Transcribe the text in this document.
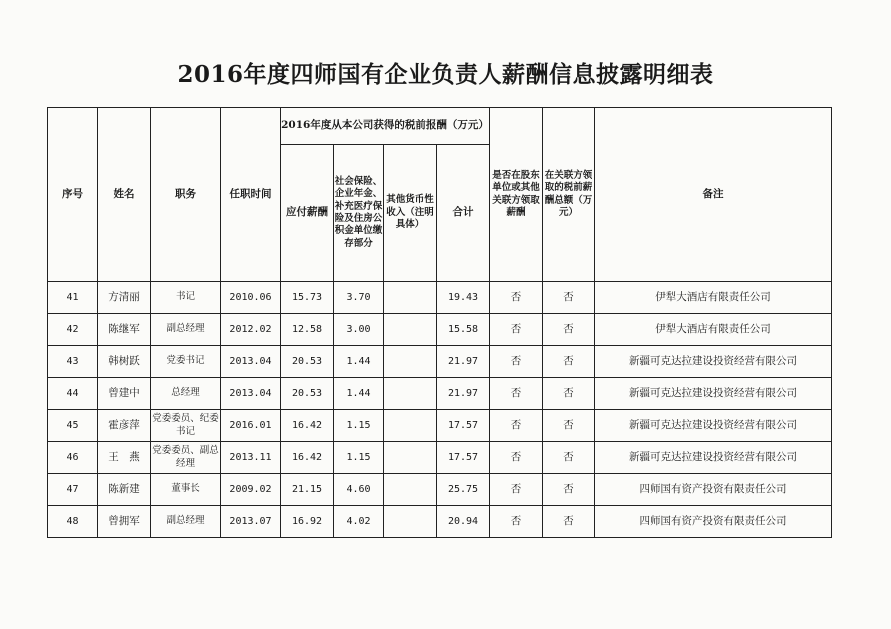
2016年度四师国有企业负责人薪酬信息披露明细表
序号	姓名	职务	任职时间	2016年度从本公司获得的税前报酬（万元）				是否在股东单位或其他关联方领取薪酬	在关联方领取的税前薪酬总额（万元）	备注
				应付薪酬	社会保险、企业年金、补充医疗保险及住房公积金单位缴存部分	其他货币性收入（注明具体）	合计			
41	方清丽	书记	2010.06	15.73	3.70		19.43	否	否	伊犁大酒店有限责任公司
42	陈继军	副总经理	2012.02	12.58	3.00		15.58	否	否	伊犁大酒店有限责任公司
43	韩树跃	党委书记	2013.04	20.53	1.44		21.97	否	否	新疆可克达拉建设投资经营有限公司
44	曾建中	总经理	2013.04	20.53	1.44		21.97	否	否	新疆可克达拉建设投资经营有限公司
45	霍彦萍	党委委员、纪委书记	2016.01	16.42	1.15		17.57	否	否	新疆可克达拉建设投资经营有限公司
46	王　燕	党委委员、副总经理	2013.11	16.42	1.15		17.57	否	否	新疆可克达拉建设投资经营有限公司
47	陈新建	董事长	2009.02	21.15	4.60		25.75	否	否	四师国有资产投资有限责任公司
48	曾拥军	副总经理	2013.07	16.92	4.02		20.94	否	否	四师国有资产投资有限责任公司
